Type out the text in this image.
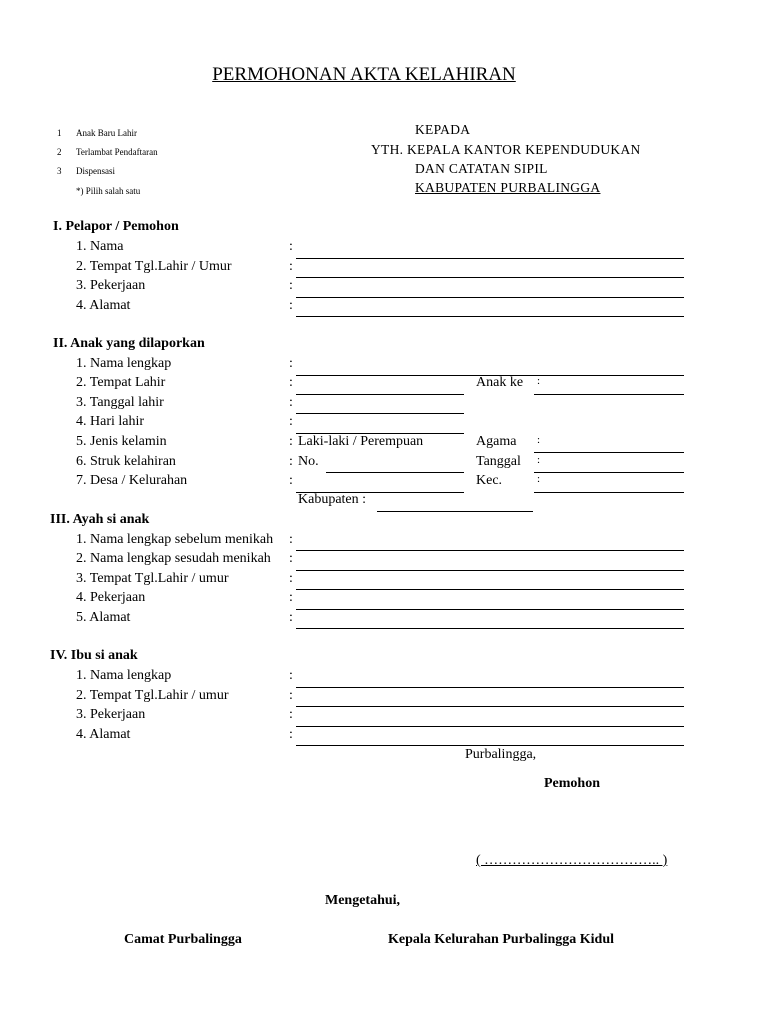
PERMOHONAN AKTA KELAHIRAN
1 Anak Baru Lahir
2 Terlambat Pendaftaran
3 Dispensasi
*) Pilih salah satu
KEPADA
YTH. KEPALA KANTOR KEPENDUDUKAN
DAN CATATAN SIPIL
KABUPATEN PURBALINGGA
I. Pelapor / Pemohon
1. Nama	:
2. Tempat Tgl.Lahir / Umur	:
3. Pekerjaan	:
4. Alamat	:
II. Anak yang dilaporkan
1. Nama lengkap	:
2. Tempat Lahir	:	Anak ke :
3. Tanggal lahir	:
4. Hari lahir	:
5. Jenis kelamin	: Laki-laki / Perempuan	Agama :
6. Struk kelahiran	: No.	Tanggal :
7. Desa / Kelurahan	:	Kec.	:
Kabupaten :
III. Ayah si anak
1. Nama lengkap sebelum menikah :
2. Nama lengkap sesudah menikah :
3. Tempat Tgl.Lahir / umur	:
4. Pekerjaan	:
5. Alamat	:
IV. Ibu si anak
1. Nama lengkap	:
2. Tempat Tgl.Lahir / umur	:
3. Pekerjaan	:
4. Alamat	:
Purbalingga,
Pemohon
( ……………………………….. )
Mengetahui,
Camat Purbalingga	Kepala Kelurahan Purbalingga Kidul
